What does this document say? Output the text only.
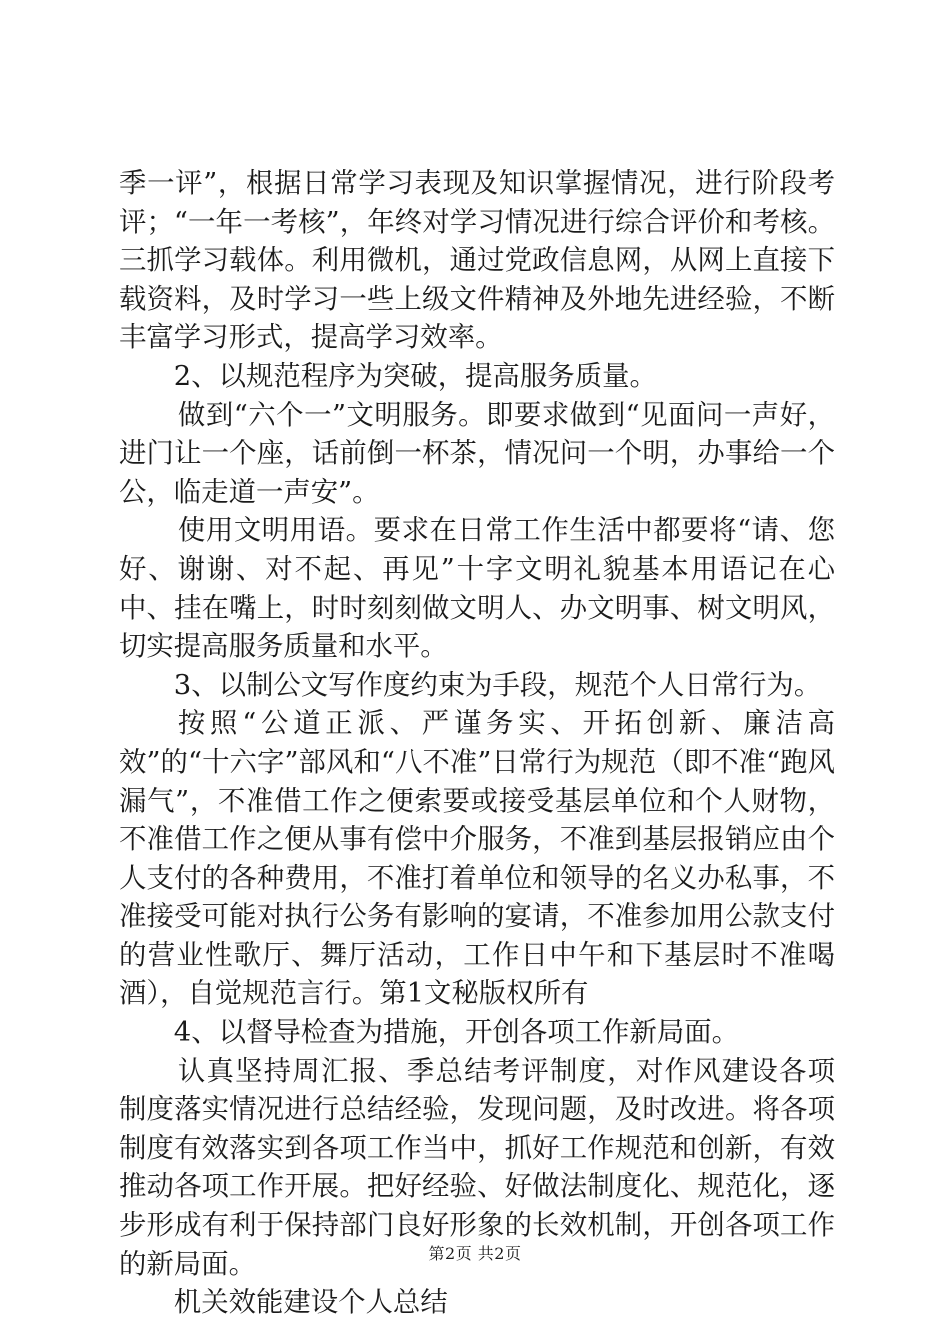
季一评”，根据日常学习表现及知识掌握情况，进行阶段考评；“一年一考核”，年终对学习情况进行综合评价和考核。三抓学习载体。利用微机，通过党政信息网，从网上直接下载资料，及时学习一些上级文件精神及外地先进经验，不断丰富学习形式，提高学习效率。

2、以规范程序为突破，提高服务质量。

做到“六个一”文明服务。即要求做到“见面问一声好，进门让一个座，话前倒一杯茶，情况问一个明，办事给一个公，临走道一声安”。

使用文明用语。要求在日常工作生活中都要将“请、您好、谢谢、对不起、再见”十字文明礼貌基本用语记在心中、挂在嘴上，时时刻刻做文明人、办文明事、树文明风，切实提高服务质量和水平。

3、以制公文写作度约束为手段，规范个人日常行为。

按照“公道正派、严谨务实、开拓创新、廉洁高效”的“十六字”部风和“八不准”日常行为规范（即不准“跑风漏气”，不准借工作之便索要或接受基层单位和个人财物，不准借工作之便从事有偿中介服务，不准到基层报销应由个人支付的各种费用，不准打着单位和领导的名义办私事，不准接受可能对执行公务有影响的宴请，不准参加用公款支付的营业性歌厅、舞厅活动，工作日中午和下基层时不准喝酒），自觉规范言行。第1文秘版权所有

4、以督导检查为措施，开创各项工作新局面。

认真坚持周汇报、季总结考评制度，对作风建设各项制度落实情况进行总结经验，发现问题，及时改进。将各项制度有效落实到各项工作当中，抓好工作规范和创新，有效推动各项工作开展。把好经验、好做法制度化、规范化，逐步形成有利于保持部门良好形象的长效机制，开创各项工作的新局面。

机关效能建设个人总结

第2页 共2页
